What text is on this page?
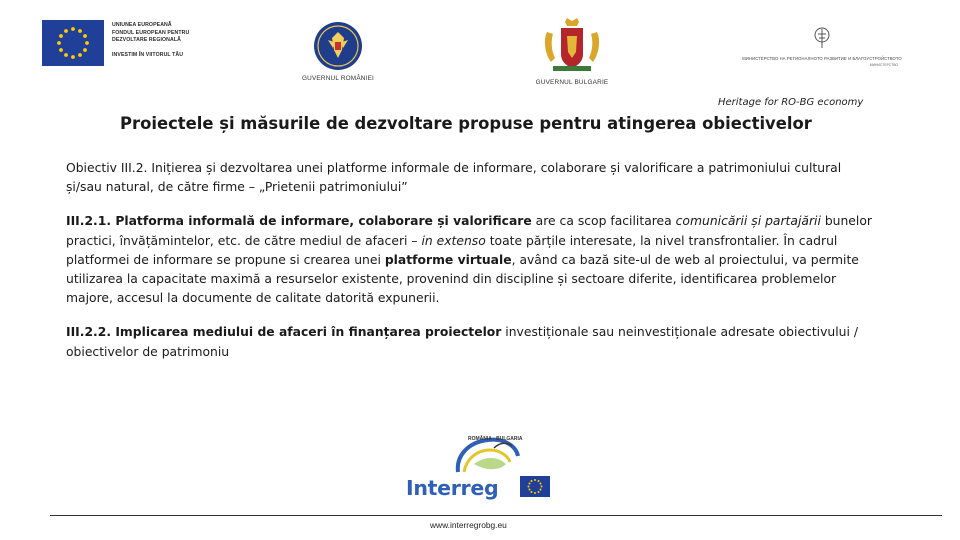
UNIUNEA EUROPEANĂ
FONDUL EUROPEAN PENTRU
DEZVOLTARE REGIONALĂ

INVESTIM ÎN VIITORUL TĂU
GUVERNUL ROMÂNIEI
GUVERNUL BULGARIE
МИНИСТЕРСТВО НА РЕГИОНАЛНОТО РАЗВИТИЕ И БЛАГОУСТРОЙСТВОТО
МИНИСТЕРСТВО
Heritage for RO-BG economy
Proiectele și măsurile de dezvoltare propuse pentru atingerea obiectivelor

Obiectiv III.2. Inițierea și dezvoltarea unei platforme informale de informare, colaborare și valorificare a patrimoniului cultural și/sau natural, de către firme – „Prietenii patrimoniului”

III.2.1. Platforma informală de informare, colaborare și valorificare are ca scop facilitarea comunicării și partajării bunelor practici, învățămintelor, etc. de către mediul de afaceri – in extenso toate părțile interesate, la nivel transfrontalier. În cadrul platformei de informare se propune si crearea unei platforme virtuale, având ca bază site-ul de web al proiectului, va permite utilizarea la capacitate maximă a resurselor existente, provenind din discipline și sectoare diferite, identificarea problemelor majore, accesul la documente de calitate datorită expunerii.

III.2.2. Implicarea mediului de afaceri în finanțarea proiectelor investiționale sau neinvestiționale adresate obiectivului / obiectivelor de patrimoniu

ROMÂNIA - BULGARIA
Interreg
www.interregrobg.eu
